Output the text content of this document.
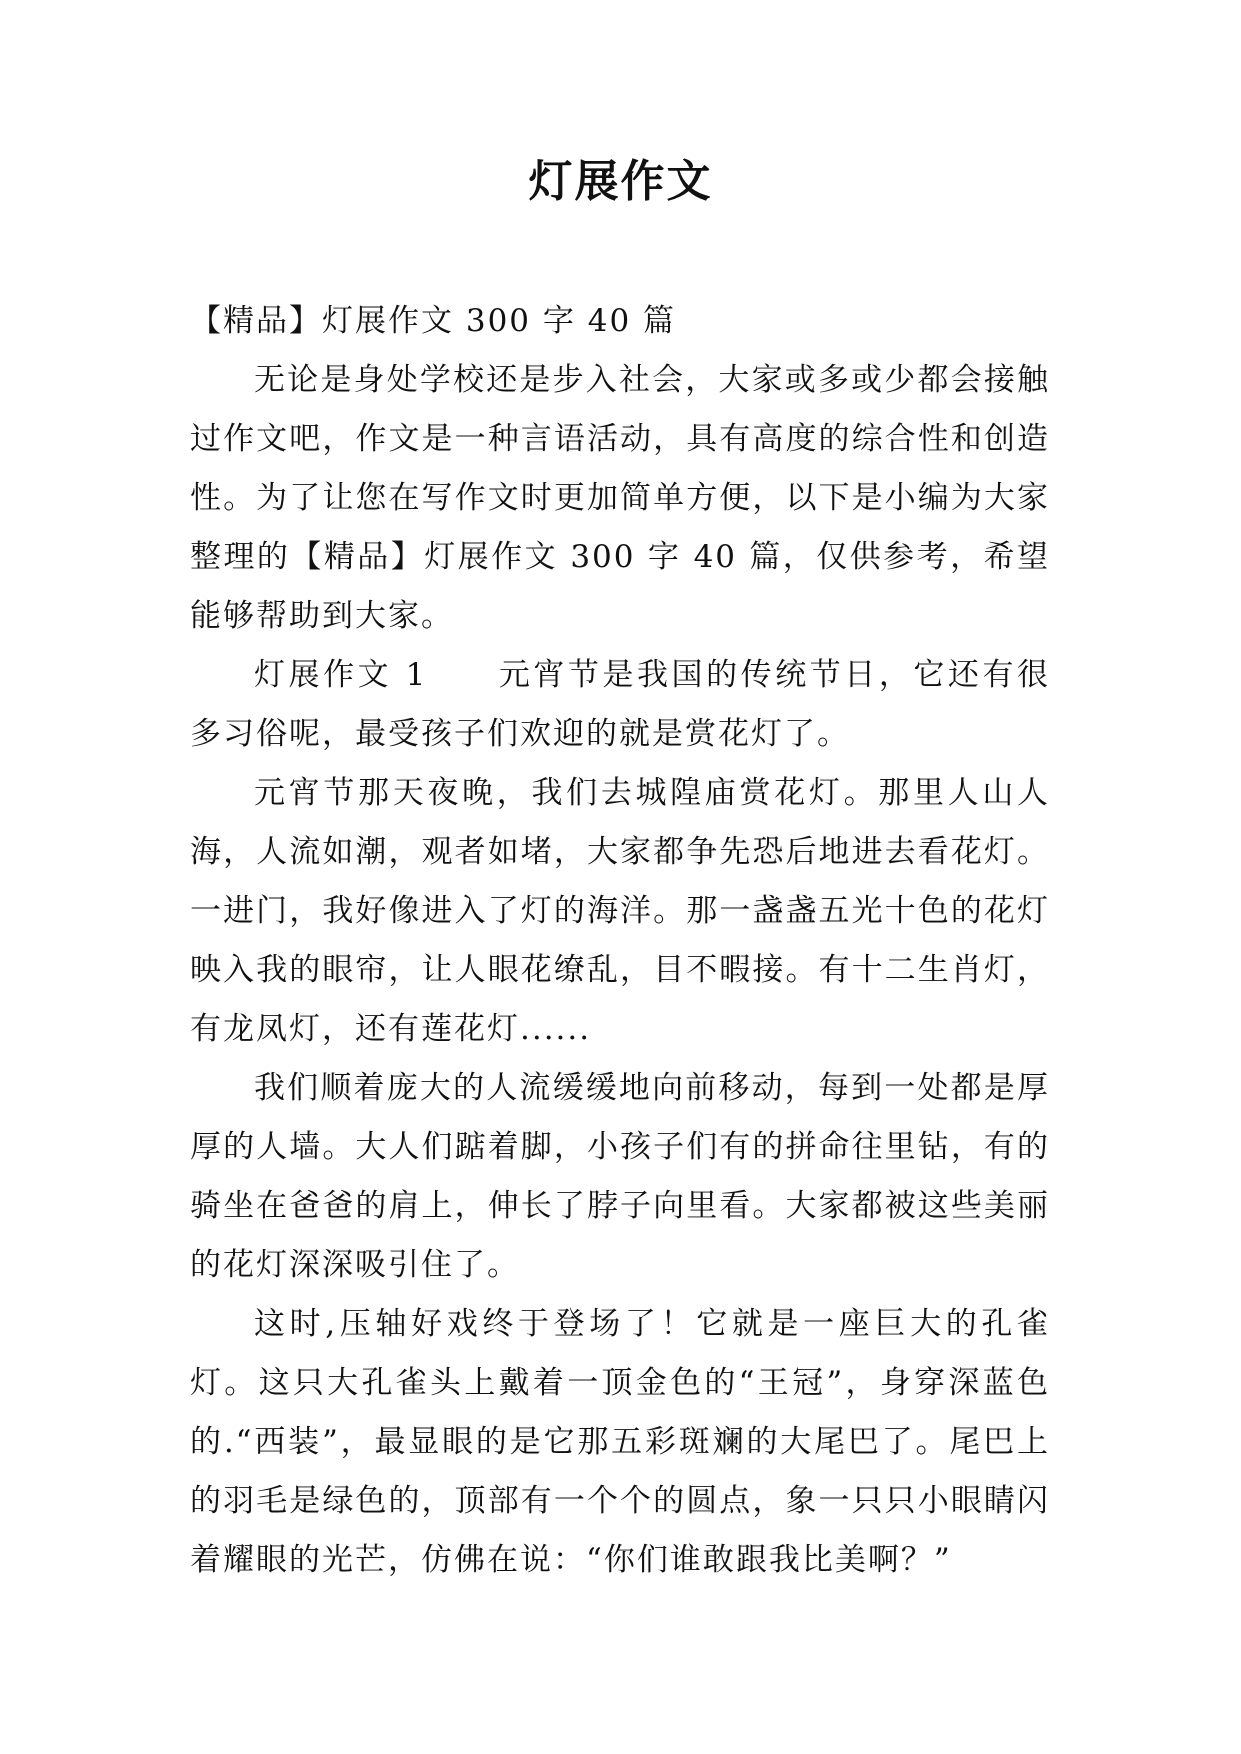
灯展作文

【精品】灯展作文 300 字 40 篇

无论是身处学校还是步入社会，大家或多或少都会接触过作文吧，作文是一种言语活动，具有高度的综合性和创造性。为了让您在写作文时更加简单方便，以下是小编为大家整理的【精品】灯展作文 300 字 40 篇，仅供参考，希望能够帮助到大家。

灯展作文 1 元宵节是我国的传统节日，它还有很多习俗呢，最受孩子们欢迎的就是赏花灯了。

元宵节那天夜晚，我们去城隍庙赏花灯。那里人山人海，人流如潮，观者如堵，大家都争先恐后地进去看花灯。一进门，我好像进入了灯的海洋。那一盏盏五光十色的花灯映入我的眼帘，让人眼花缭乱，目不暇接。有十二生肖灯，有龙凤灯，还有莲花灯......

我们顺着庞大的人流缓缓地向前移动，每到一处都是厚厚的人墙。大人们踮着脚，小孩子们有的拼命往里钻，有的骑坐在爸爸的肩上，伸长了脖子向里看。大家都被这些美丽的花灯深深吸引住了。

这时,压轴好戏终于登场了！它就是一座巨大的孔雀灯。这只大孔雀头上戴着一顶金色的“王冠”，身穿深蓝色的.“西装”，最显眼的是它那五彩斑斓的大尾巴了。尾巴上的羽毛是绿色的，顶部有一个个的圆点，象一只只小眼睛闪着耀眼的光芒，仿佛在说：“你们谁敢跟我比美啊？”
